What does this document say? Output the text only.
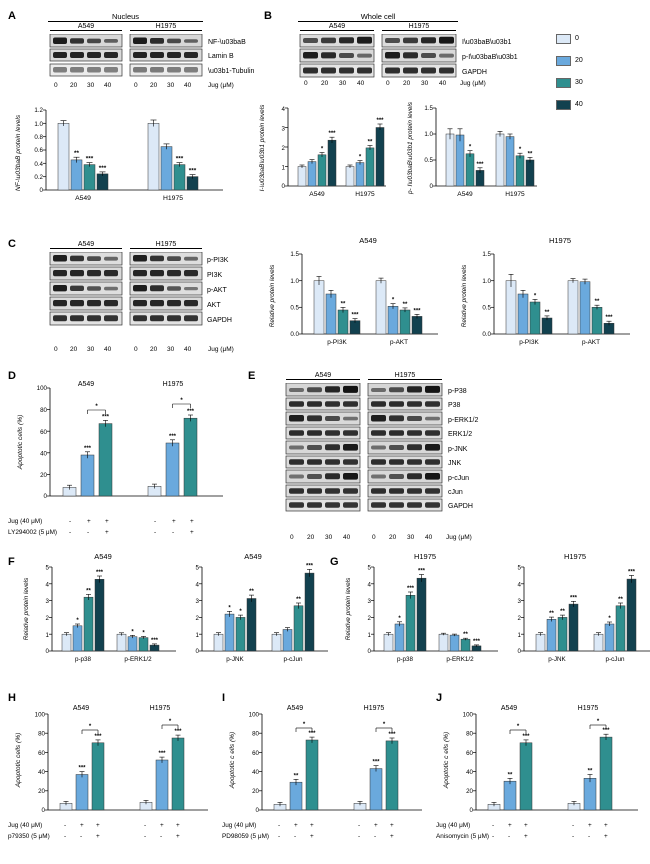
0
20
30
40
A	Nucleus
A549	H1975
NF-\u03baB
Lamin B
\u03b1-Tubulin
0 20 30 40	0 20 30 40	Jug (μM)
0
0.2
0.4
0.6
0.8
1.0
1.2
NF-\u03baB protein levels	**
***
***
A549
***
***
H1975
B	Whole cell
A549	H1975
I\u03baB\u03b1
p-I\u03baB\u03b1
GAPDH
0 20 30 40	0 20 30 40 Jug (μM)
0
1
2
3
4
I-\u03baB\u03b1 protein levels	*
***
A549
*
**
***
H1975
0
0.5
1.0
1.5
p- I\u03baB\u03b1 protein levels	*
***
A549
*
**
H1975
C	A549	H1975
p-PI3K
PI3K
p-AKT
AKT
GAPDH
0 20 30 40	0 20 30 40	Jug (μM)
A549	H1975
0.0
0.5
1.0
1.5
Relative protein levels	**
***
p-PI3K
*
**
***
p-AKT
0.0
0.5
1.0
1.5
Relative protein levels	*
**
p-PI3K
**
***
p-AKT
D
0
20
40
60
80
100
Apoptotic cells (%)
A549	H1975
***
***
*
***
***
*
Jug (40 μM)	- + +	- + +
LY294002 (5 μM) - - +	- - +
E	A549	H1975
p-P38
P38
p-ERK1/2
ERK1/2
p-JNK
JNK
p-cJun
cJun
GAPDH
0 20 30 40	0 20 30 40 Jug (μM)
F	A549	A549
0
1
2
3
4
5
Relative protein levels	*
**
***
p-p38
* *
***
p-ERK1/2
0
1
2
3
4
5
*
*
**
p-JNK
**
***
p-cJun
G	H1975	H1975
0
1
2
3
4
5
Relative protein levels	*
***
***
p-p38
**
***
p-ERK1/2
0
1
2
3
4
5
** **
***
p-JNK
*
**
***
p-cJun
H
0
20
40
60
80
100
Apoptotic cells (%)
A549	H1975
***
***
*
***
***
*
Jug (40 μM)	- + +	- + +
p79350 (5 μM) - - +	- - +
I
0
20
40
60
80
100
Apoptotic c ells (%)
A549	H1975
**
***
*
***
***
*
Jug (40 μM)	- + +	- + +
PD98059 (5 μM) - - +	- - +
J
0
20
40
60
80
100
Apoptotic c ells (%)
A549	H1975
**
***
*
**
***
*
Jug (40 μM)	- + +	- + +
Anisomycin (5 μM) - - +	- - +
